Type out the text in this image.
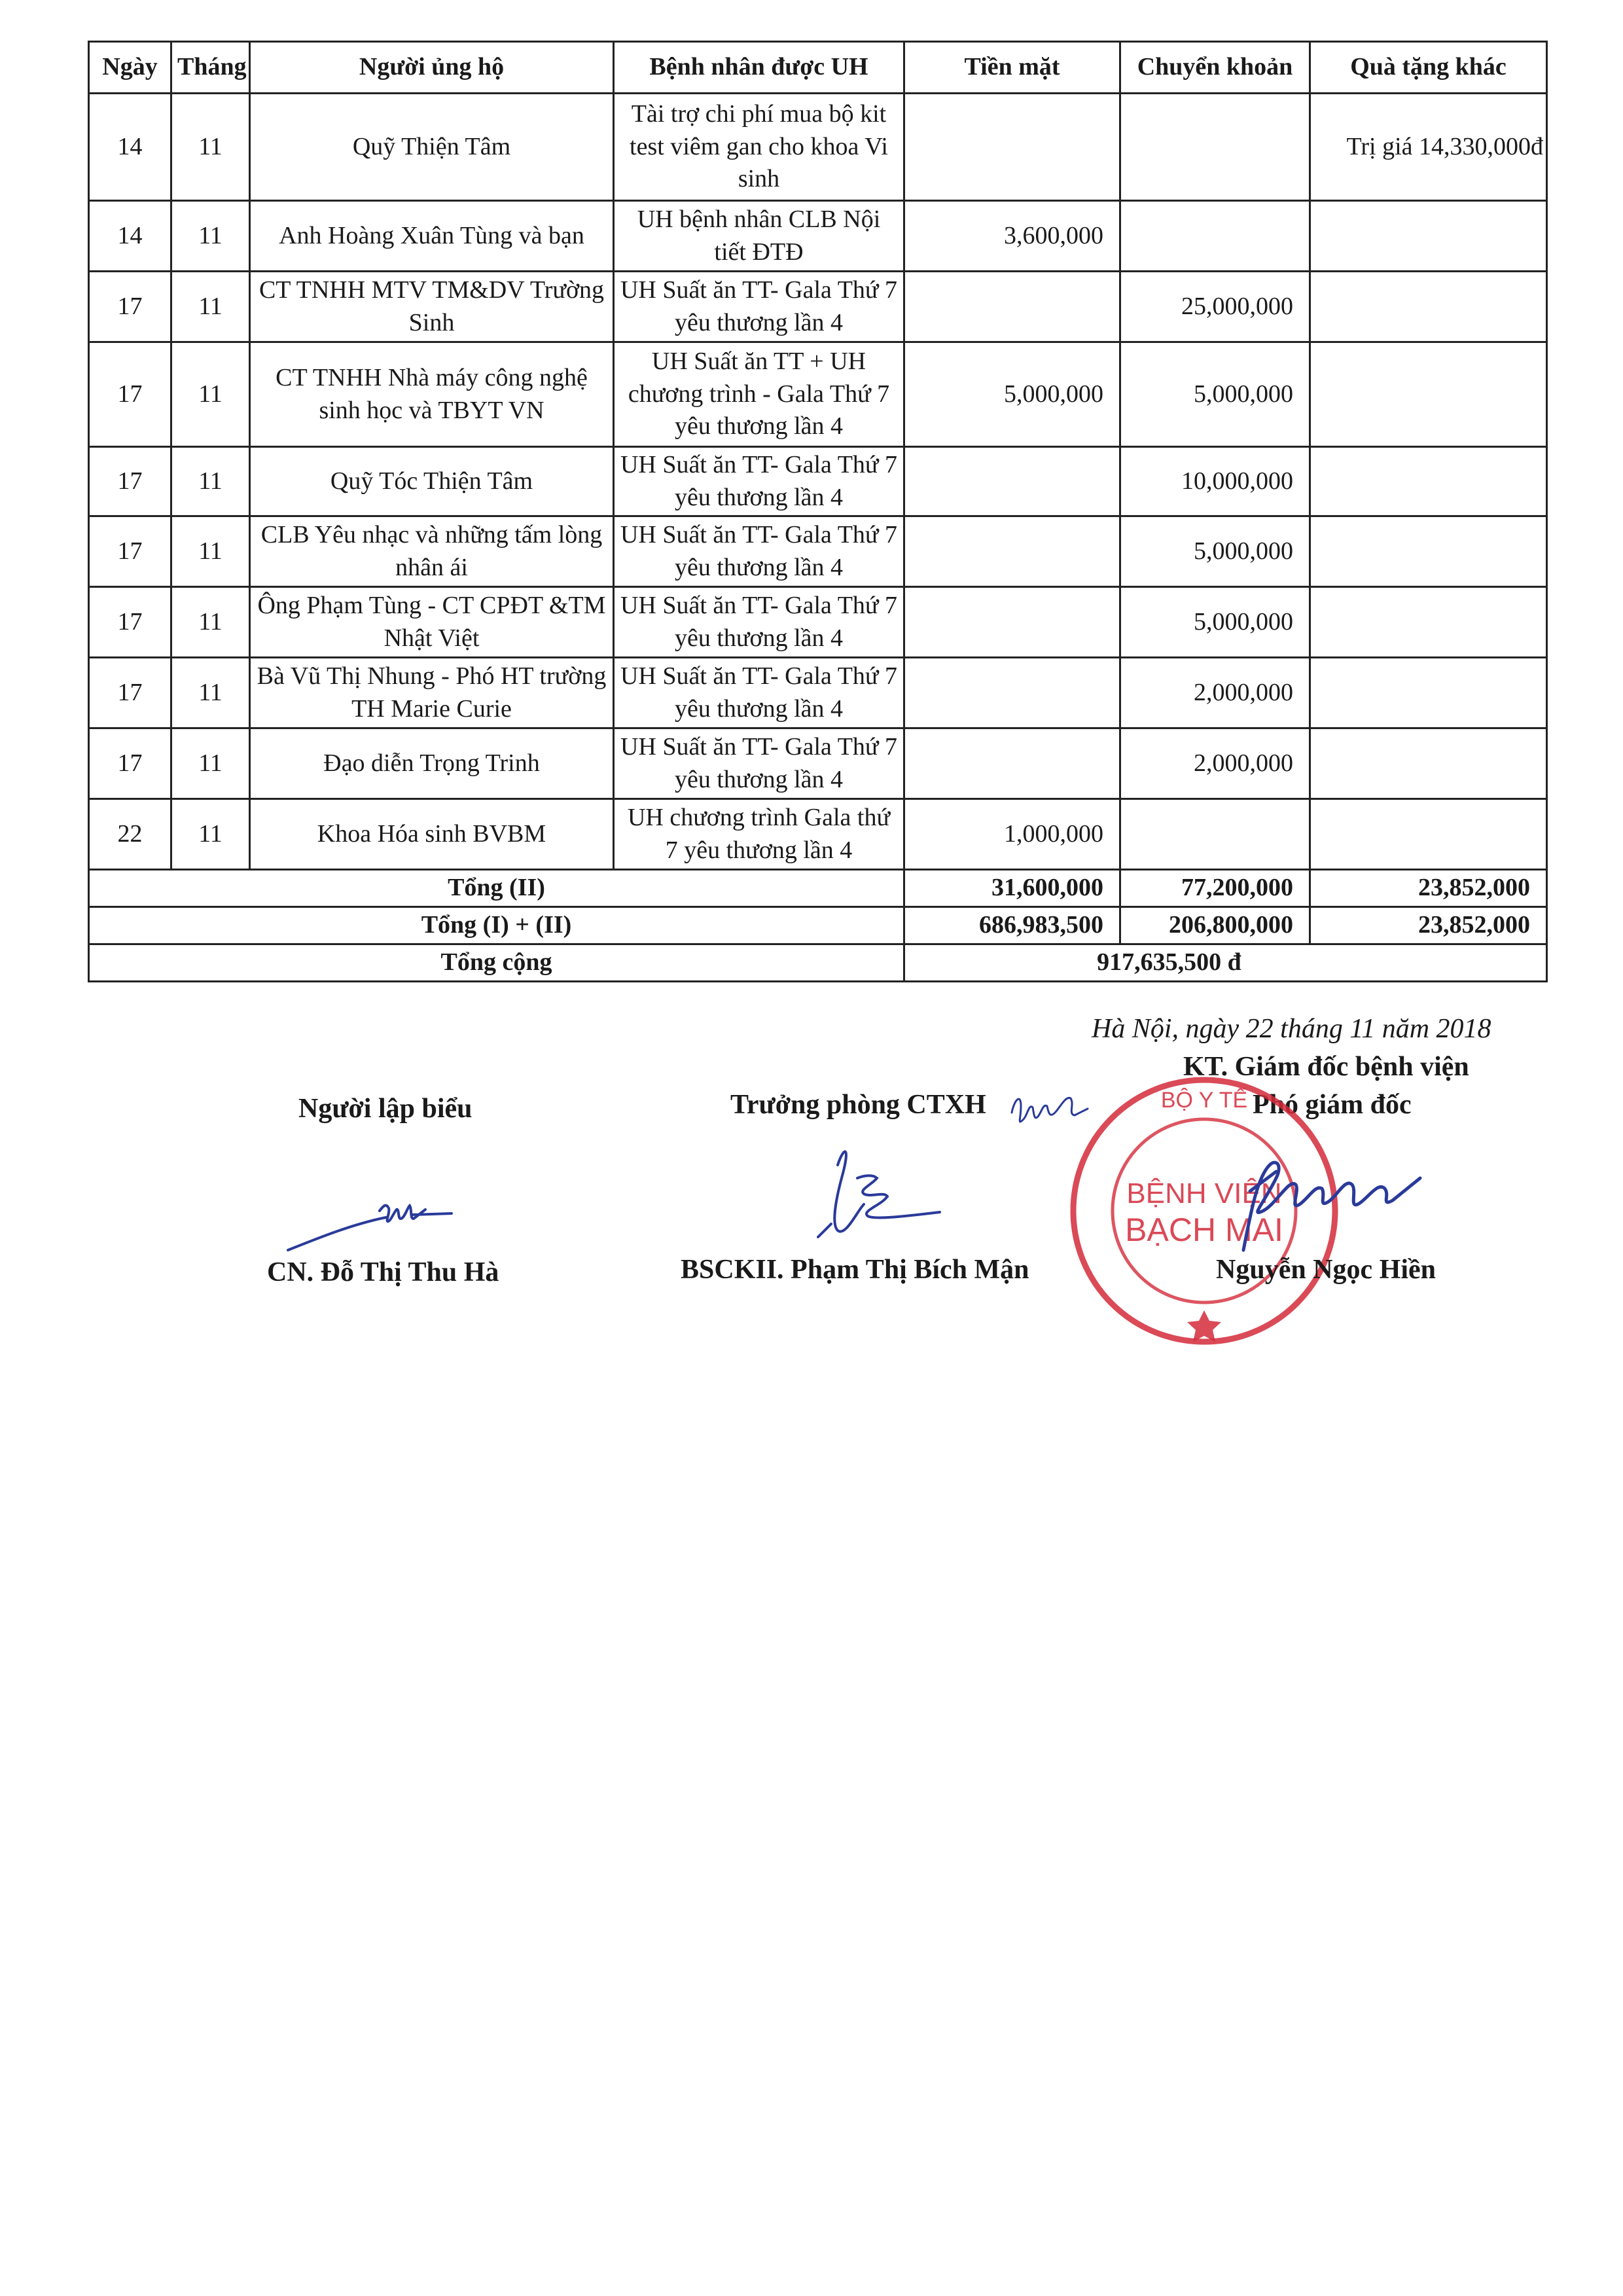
Ngày	Tháng	Người ủng hộ	Bệnh nhân được UH	Tiền mặt	Chuyển khoản	Quà tặng khác
14	11	Quỹ Thiện Tâm	Tài trợ chi phí mua bộ kit test viêm gan cho khoa Vi sinh			Trị giá 14,330,000đ
14	11	Anh Hoàng Xuân Tùng và bạn	UH bệnh nhân CLB Nội tiết ĐTĐ	3,600,000		
17	11	CT TNHH MTV TM&DV Trường Sinh	UH Suất ăn TT- Gala Thứ 7 yêu thương lần 4		25,000,000	
17	11	CT TNHH Nhà máy công nghệ sinh học và TBYT VN	UH Suất ăn TT + UH chương trình - Gala Thứ 7 yêu thương lần 4	5,000,000	5,000,000	
17	11	Quỹ Tóc Thiện Tâm	UH Suất ăn TT- Gala Thứ 7 yêu thương lần 4		10,000,000	
17	11	CLB Yêu nhạc và những tấm lòng nhân ái	UH Suất ăn TT- Gala Thứ 7 yêu thương lần 4		5,000,000	
17	11	Ông Phạm Tùng - CT CPĐT &TM Nhật Việt	UH Suất ăn TT- Gala Thứ 7 yêu thương lần 4		5,000,000	
17	11	Bà Vũ Thị Nhung - Phó HT trường TH Marie Curie	UH Suất ăn TT- Gala Thứ 7 yêu thương lần 4		2,000,000	
17	11	Đạo diễn Trọng Trinh	UH Suất ăn TT- Gala Thứ 7 yêu thương lần 4		2,000,000	
22	11	Khoa Hóa sinh BVBM	UH chương trình Gala thứ 7 yêu thương lần 4	1,000,000		
Tổng (II)				31,600,000	77,200,000	23,852,000
Tổng (I) + (II)				686,983,500	206,800,000	23,852,000
Tổng cộng				917,635,500 đ		
Hà Nội, ngày 22 tháng 11 năm 2018
KT. Giám đốc bệnh viện
Người lập biểu	Trưởng phòng CTXH	Phó giám đốc
BỘ Y TẾ
BỆNH VIỆN
BẠCH MAI
CN. Đỗ Thị Thu Hà	BSCKII. Phạm Thị Bích Mận	Nguyễn Ngọc Hiền
